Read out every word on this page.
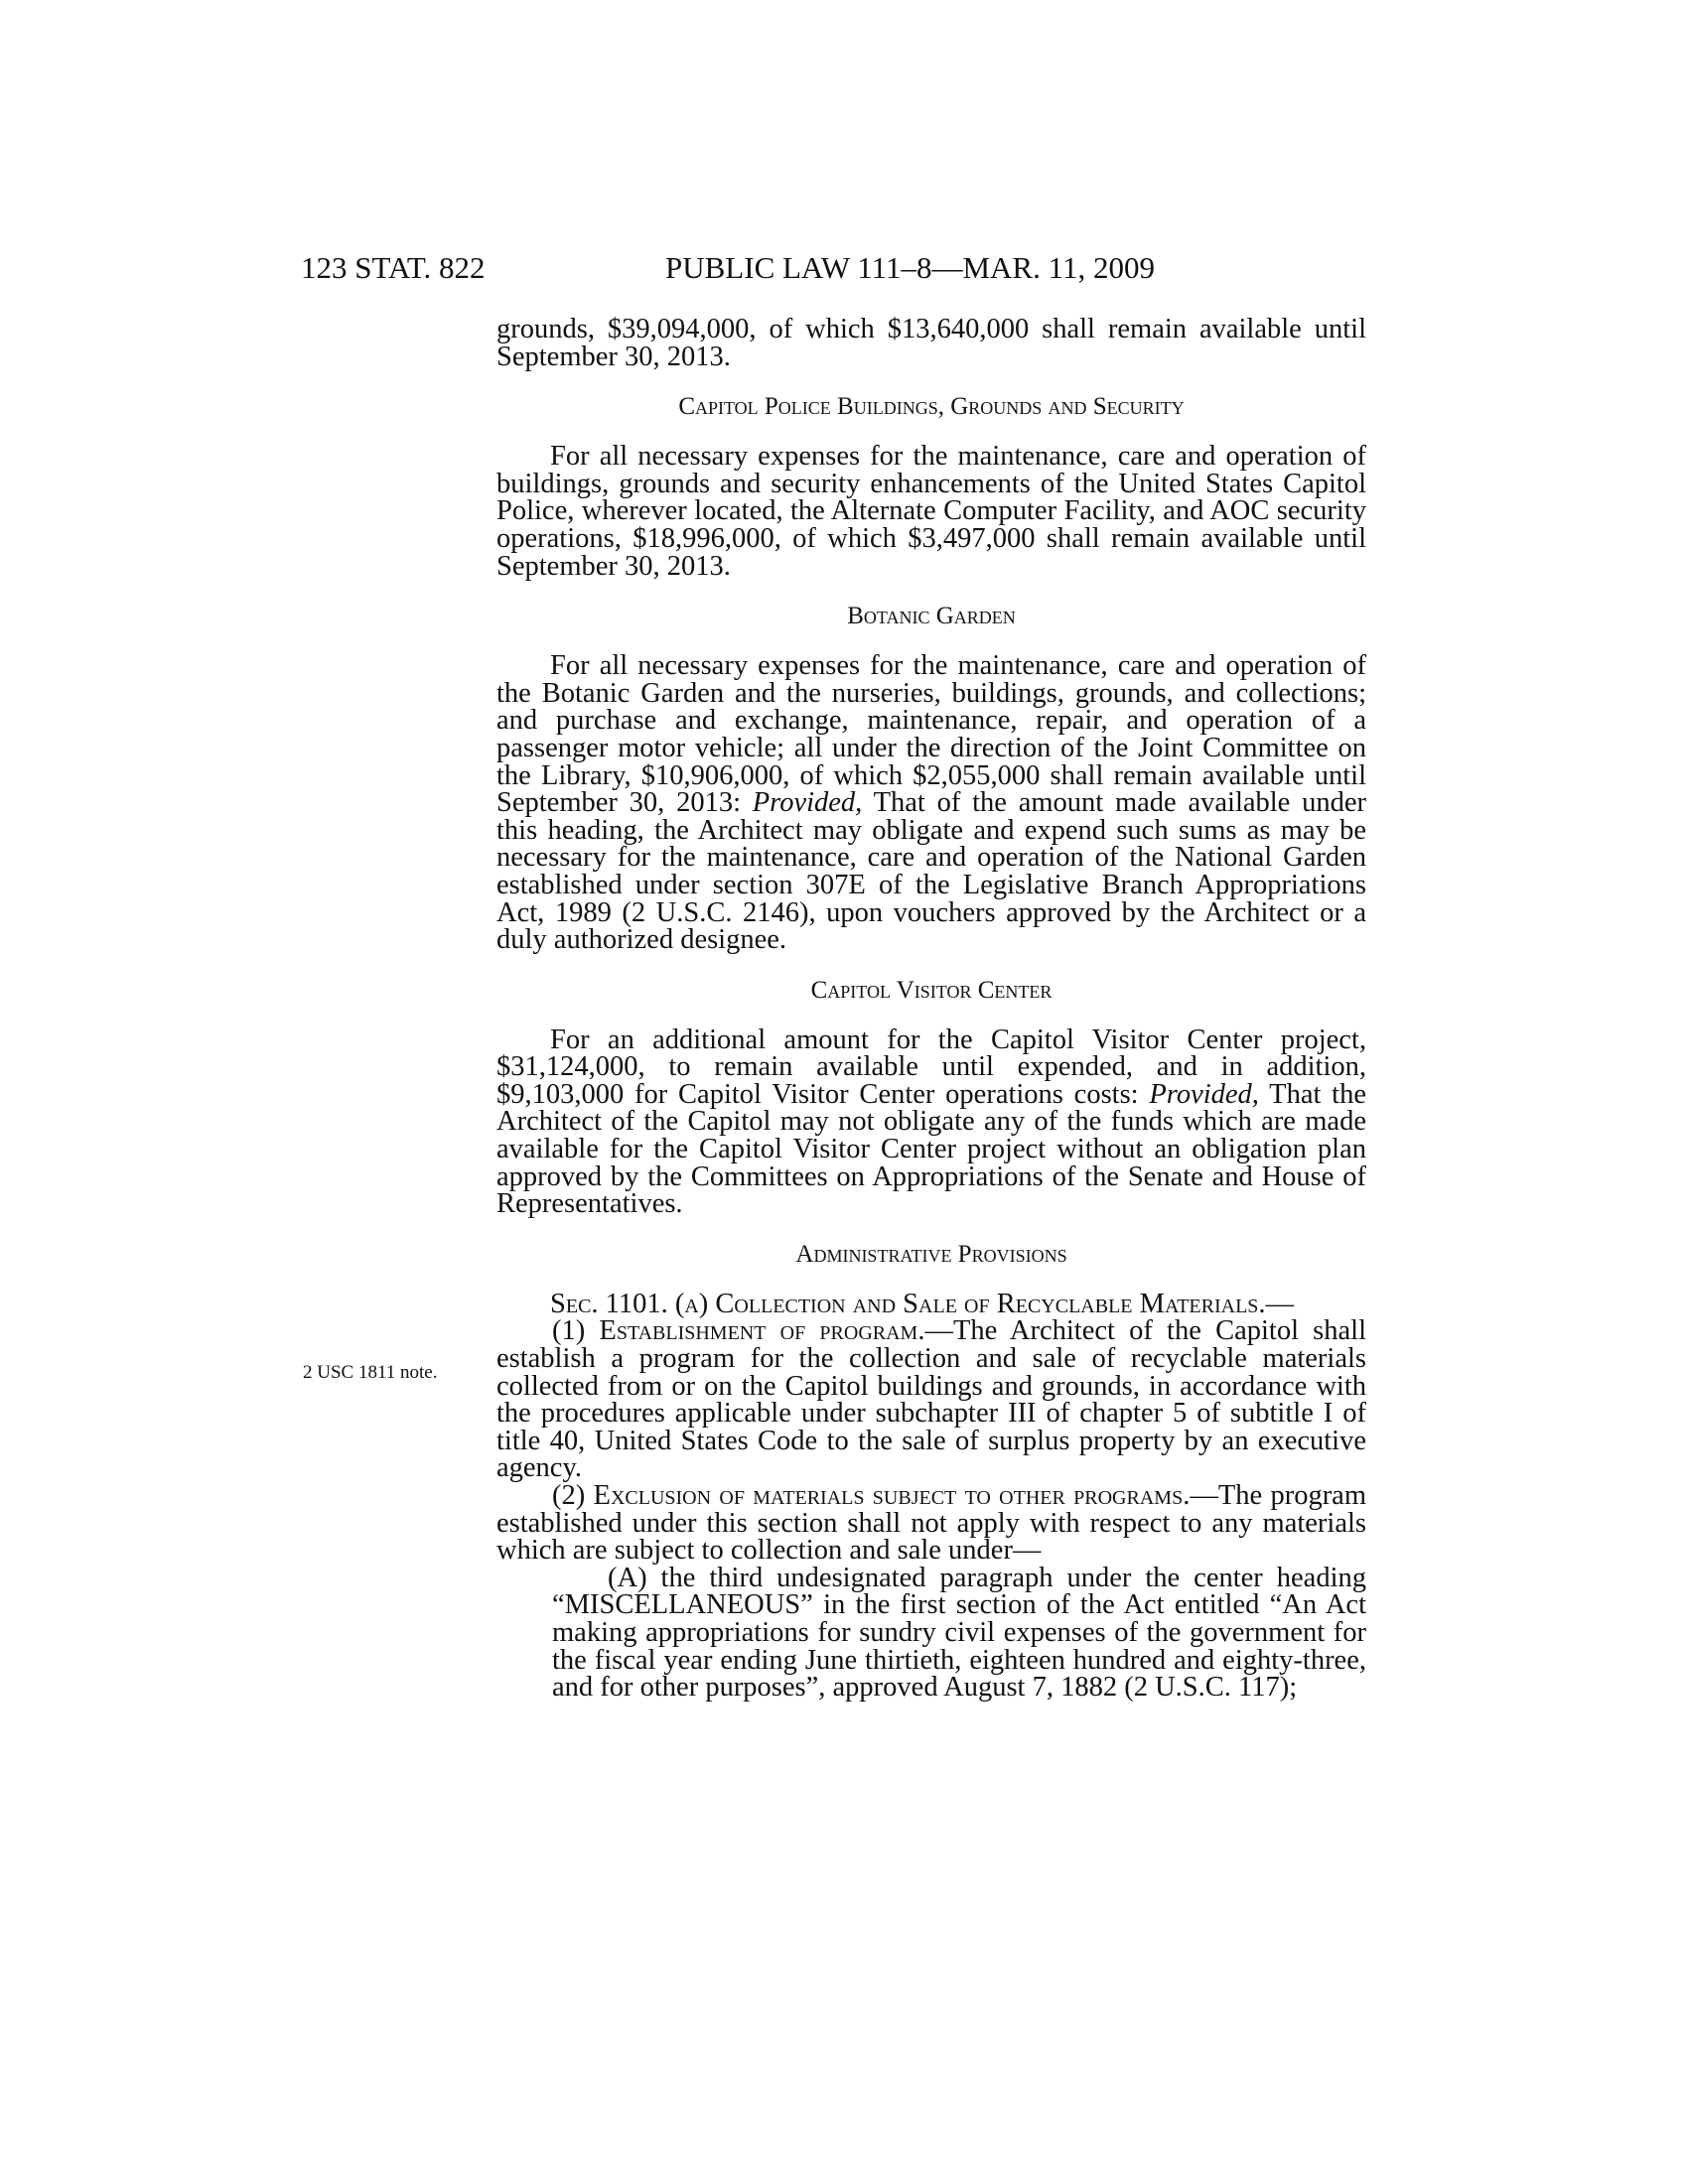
123 STAT. 822	PUBLIC LAW 111–8—MAR. 11, 2009
2 USC 1811 note.

grounds, $39,094,000, of which $13,640,000 shall remain available until September 30, 2013.

Capitol Police Buildings, Grounds and Security

For all necessary expenses for the maintenance, care and operation of buildings, grounds and security enhancements of the United States Capitol Police, wherever located, the Alternate Computer Facility, and AOC security operations, $18,996,000, of which $3,497,000 shall remain available until September 30, 2013.

Botanic Garden

For all necessary expenses for the maintenance, care and operation of the Botanic Garden and the nurseries, buildings, grounds, and collections; and purchase and exchange, maintenance, repair, and operation of a passenger motor vehicle; all under the direction of the Joint Committee on the Library, $10,906,000, of which $2,055,000 shall remain available until September 30, 2013: Provided, That of the amount made available under this heading, the Architect may obligate and expend such sums as may be necessary for the maintenance, care and operation of the National Garden established under section 307E of the Legislative Branch Appropriations Act, 1989 (2 U.S.C. 2146), upon vouchers approved by the Architect or a duly authorized designee.

Capitol Visitor Center

For an additional amount for the Capitol Visitor Center project, $31,124,000, to remain available until expended, and in addition, $9,103,000 for Capitol Visitor Center operations costs: Provided, That the Architect of the Capitol may not obligate any of the funds which are made available for the Capitol Visitor Center project without an obligation plan approved by the Committees on Appropriations of the Senate and House of Representatives.

Administrative Provisions

Sec. 1101. (a) Collection and Sale of Recyclable Materials.—

(1) Establishment of program.—The Architect of the Capitol shall establish a program for the collection and sale of recyclable materials collected from or on the Capitol buildings and grounds, in accordance with the procedures applicable under subchapter III of chapter 5 of subtitle I of title 40, United States Code to the sale of surplus property by an executive agency.

(2) Exclusion of materials subject to other programs.—The program established under this section shall not apply with respect to any materials which are subject to collection and sale under—

(A) the third undesignated paragraph under the center heading “MISCELLANEOUS” in the first section of the Act entitled “An Act making appropriations for sundry civil expenses of the government for the fiscal year ending June thirtieth, eighteen hundred and eighty-three, and for other purposes”, approved August 7, 1882 (2 U.S.C. 117);
